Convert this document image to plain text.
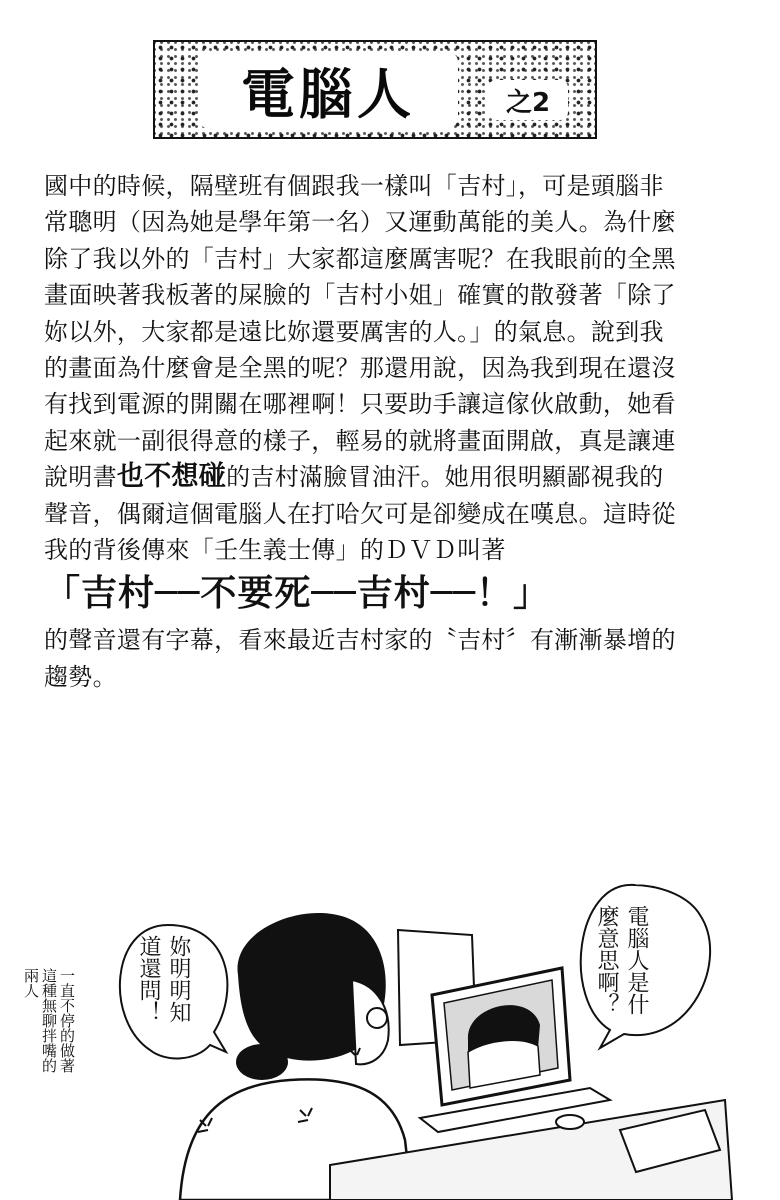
電腦人	之2
國中的時候，隔壁班有個跟我一樣叫「吉村」，可是頭腦非
常聰明（因為她是學年第一名）又運動萬能的美人。為什麼
除了我以外的「吉村」大家都這麼厲害呢？在我眼前的全黑
畫面映著我板著的屎臉的「吉村小姐」確實的散發著「除了
妳以外，大家都是遠比妳還要厲害的人。」的氣息。說到我
的畫面為什麼會是全黑的呢？那還用說，因為我到現在還沒
有找到電源的開關在哪裡啊！只要助手讓這傢伙啟動，她看
起來就一副很得意的樣子，輕易的就將畫面開啟，真是讓連
說明書也不想碰的吉村滿臉冒油汗。她用很明顯鄙視我的
聲音，偶爾這個電腦人在打哈欠可是卻變成在嘆息。這時從
我的背後傳來「壬生義士傳」的ＤＶＤ叫著
「吉村──不要死──吉村──！」
的聲音還有字幕，看來最近吉村家的〝吉村〞有漸漸暴增的
趨勢。
妳明明知道還問！	電腦人是什麼意思啊？
一直不停的做著這種無聊拌嘴的兩人
